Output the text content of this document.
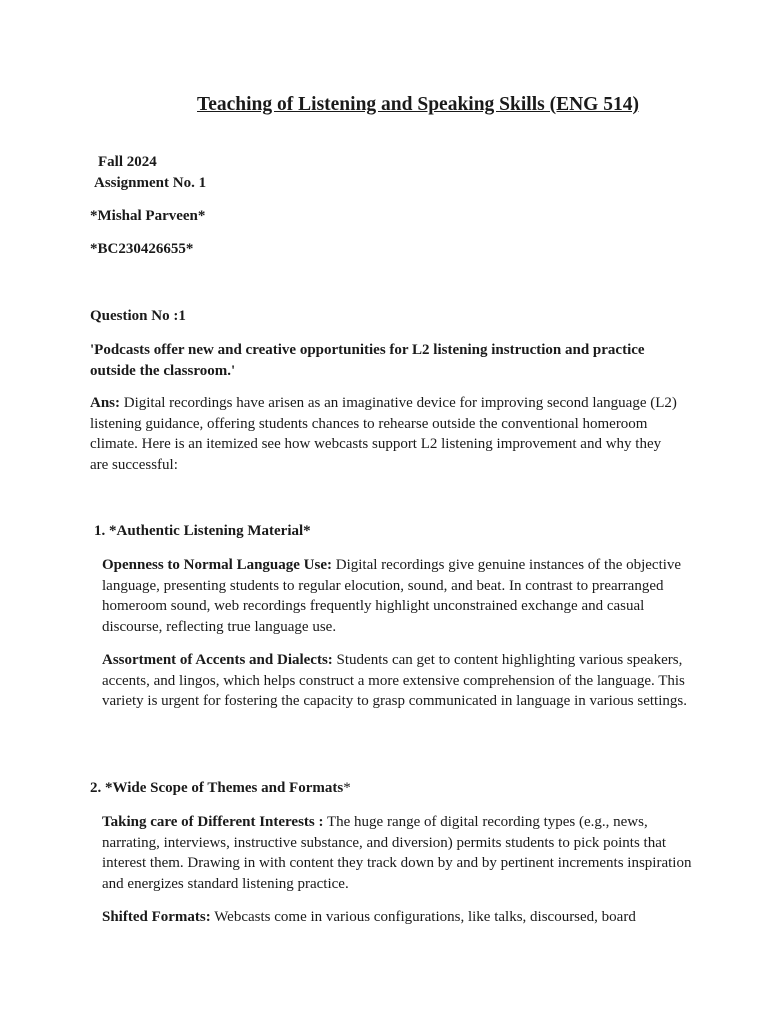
Teaching of Listening and Speaking Skills (ENG 514)

Fall 2024

Assignment No. 1

*Mishal Parveen*

*BC230426655*

Question No :1

'Podcasts offer new and creative opportunities for L2 listening instruction and practice outside the classroom.'

Ans: Digital recordings have arisen as an imaginative device for improving second language (L2) listening guidance, offering students chances to rehearse outside the conventional homeroom climate. Here is an itemized see how webcasts support L2 listening improvement and why they are successful:

1. *Authentic Listening Material*

Openness to Normal Language Use: Digital recordings give genuine instances of the objective language, presenting students to regular elocution, sound, and beat. In contrast to prearranged homeroom sound, web recordings frequently highlight unconstrained exchange and casual discourse, reflecting true language use.

Assortment of Accents and Dialects: Students can get to content highlighting various speakers, accents, and lingos, which helps construct a more extensive comprehension of the language. This variety is urgent for fostering the capacity to grasp communicated in language in various settings.

2. *Wide Scope of Themes and Formats*

Taking care of Different Interests : The huge range of digital recording types (e.g., news, narrating, interviews, instructive substance, and diversion) permits students to pick points that interest them. Drawing in with content they track down by and by pertinent increments inspiration and energizes standard listening practice.

Shifted Formats: Webcasts come in various configurations, like talks, discoursed, board
